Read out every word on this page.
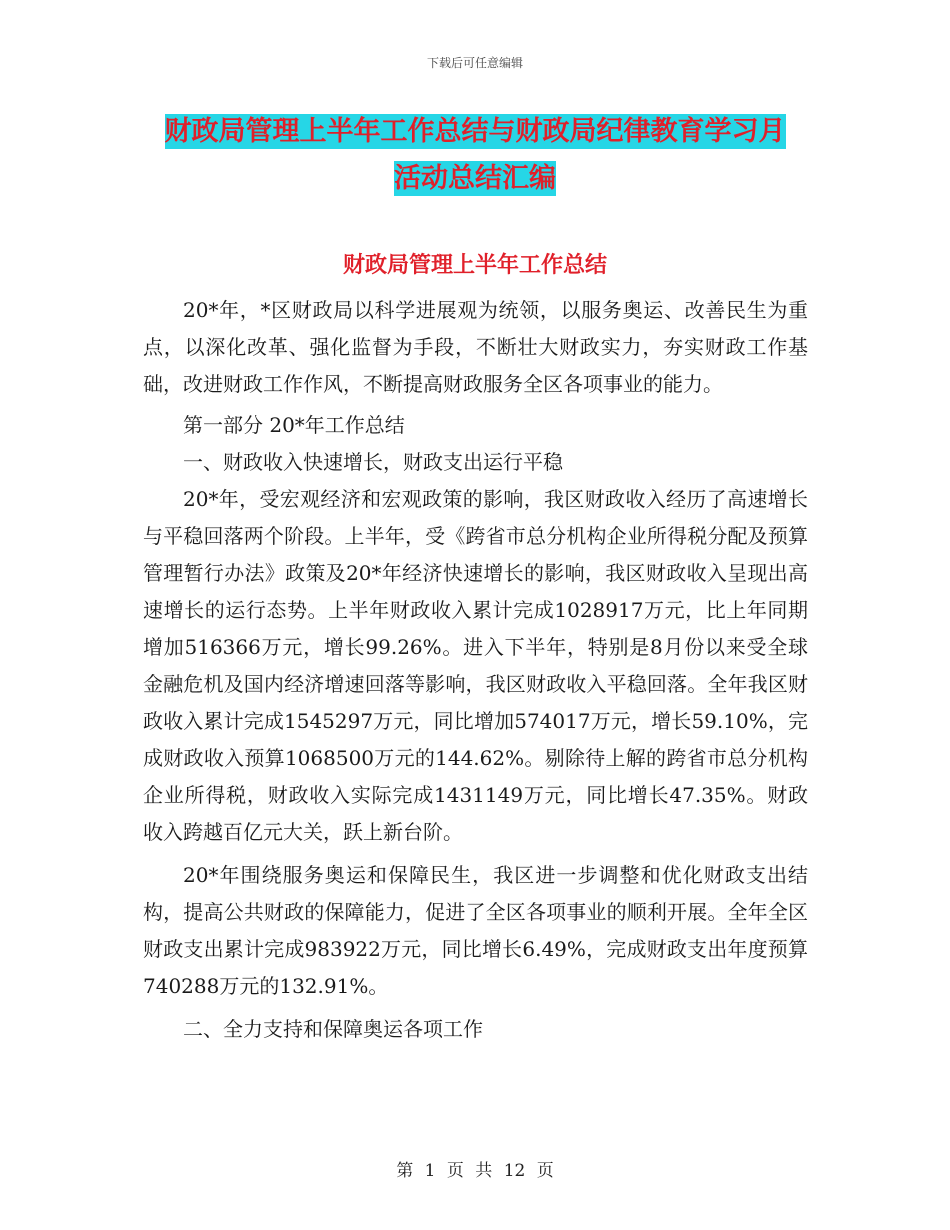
下载后可任意编辑
财政局管理上半年工作总结与财政局纪律教育学习月
活动总结汇编
财政局管理上半年工作总结

20*年，*区财政局以科学进展观为统领，以服务奥运、改善民生为重点，以深化改革、强化监督为手段，不断壮大财政实力，夯实财政工作基础，改进财政工作作风，不断提高财政服务全区各项事业的能力。

第一部分 20*年工作总结

一、财政收入快速增长，财政支出运行平稳

20*年，受宏观经济和宏观政策的影响，我区财政收入经历了高速增长与平稳回落两个阶段。上半年，受《跨省市总分机构企业所得税分配及预算管理暂行办法》政策及20*年经济快速增长的影响，我区财政收入呈现出高速增长的运行态势。上半年财政收入累计完成1028917万元，比上年同期增加516366万元，增长99.26%。进入下半年，特别是8月份以来受全球金融危机及国内经济增速回落等影响，我区财政收入平稳回落。全年我区财政收入累计完成1545297万元，同比增加574017万元，增长59.10%，完成财政收入预算1068500万元的144.62%。剔除待上解的跨省市总分机构企业所得税，财政收入实际完成1431149万元，同比增长47.35%。财政收入跨越百亿元大关，跃上新台阶。

20*年围绕服务奥运和保障民生，我区进一步调整和优化财政支出结构，提高公共财政的保障能力，促进了全区各项事业的顺利开展。全年全区财政支出累计完成983922万元，同比增长6.49%，完成财政支出年度预算740288万元的132.91%。

二、全力支持和保障奥运各项工作

第 1 页 共 12 页
